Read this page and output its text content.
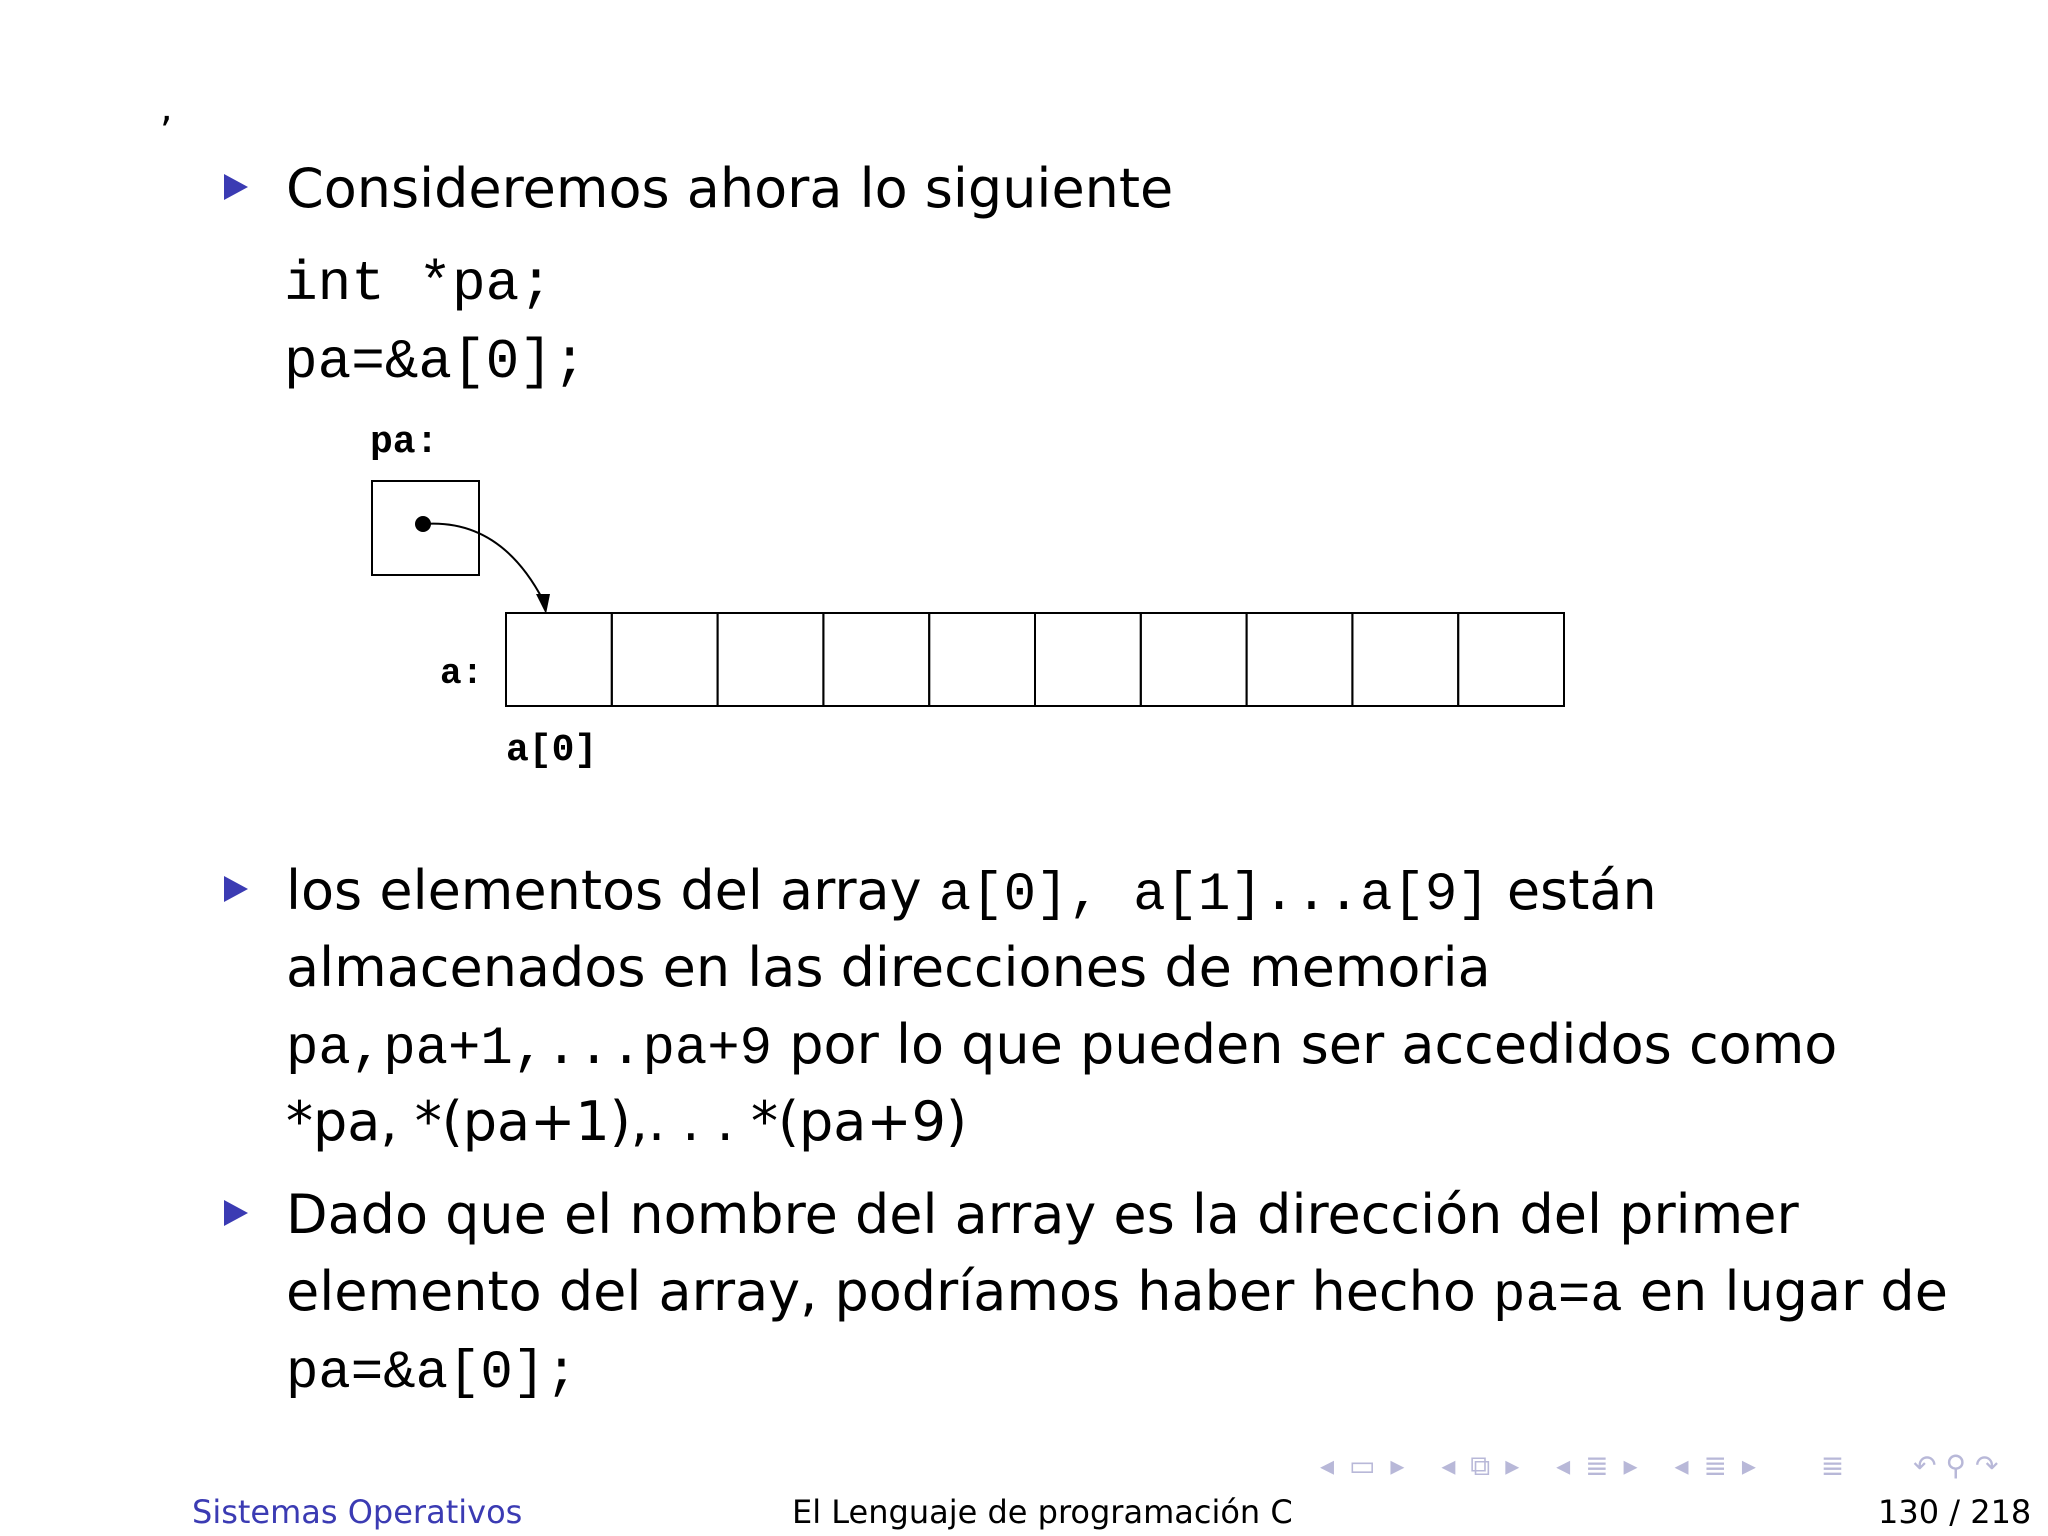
,
Consideremos ahora lo siguiente
int *pa;
pa=&a[0];
pa:
a:
a[0]
los elementos del array a[0], a[1]...a[9] están
almacenados en las direcciones de memoria
pa,pa+1,...pa+9 por lo que pueden ser accedidos como
*pa, *(pa+1),. . . *(pa+9)
Dado que el nombre del array es la dirección del primer
elemento del array, podríamos haber hecho pa=a en lugar de
pa=&a[0];
◂ ▭ ▸ ◂ ⧉ ▸ ◂ ≣ ▸ ◂ ≣ ▸ ≣ ↶ ⚲ ↷
Sistemas Operativos	El Lenguaje de programación C	130 / 218
